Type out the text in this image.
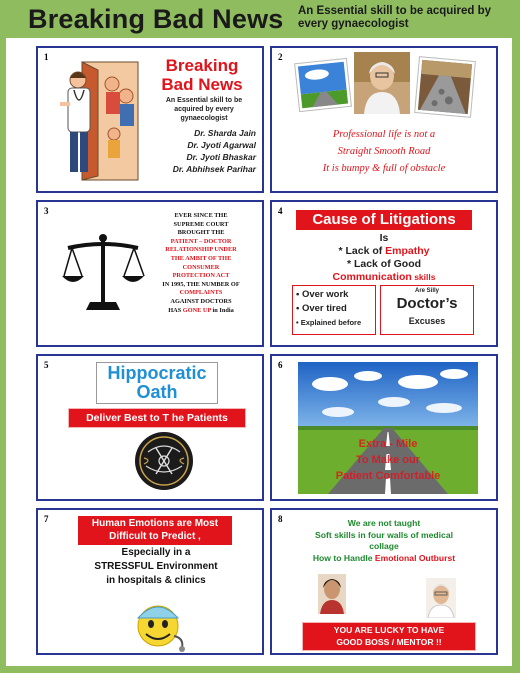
Breaking Bad News An Essential skill to be acquired by every gynaecologist
1	Breaking
Bad News
An Essential skill to be
acquired by every
gynaecologist
Dr. Sharda Jain
Dr. Jyoti Agarwal
Dr. Jyoti Bhaskar
Dr. Abhihsek Parihar
2
Professional life is not a
Straight Smooth Road
It is bumpy & full of obstacle
3	EVER SINCE THE
SUPREME COURT
BROUGHT THE
PATIENT – DOCTOR
RELATIONSHIP UNDER
THE AMBIT OF THE
CONSUMER
PROTECTION ACT
IN 1995, THE NUMBER OF
COMPLAINTS
AGAINST DOCTORS
HAS GONE UP in India
4	Cause of Litigations
Is
* Lack of Empathy
* Lack of Good
Communication skills
• Over work
• Over tired
• Explained before
Are Silly
Doctor’s
Excuses
5	Hippocratic
Oath
Deliver Best to T he Patients
6
Extra - Mile
To Make our
Patient Comfortable
7	Human Emotions are Most
Difficult to Predict ,
Especially in a
STRESSFUL Environment
in hospitals & clinics
8	We are not taught
Soft skills in four walls of medical
collage
How to Handle Emotional Outburst
YOU ARE LUCKY TO HAVE
GOOD BOSS / MENTOR !!
